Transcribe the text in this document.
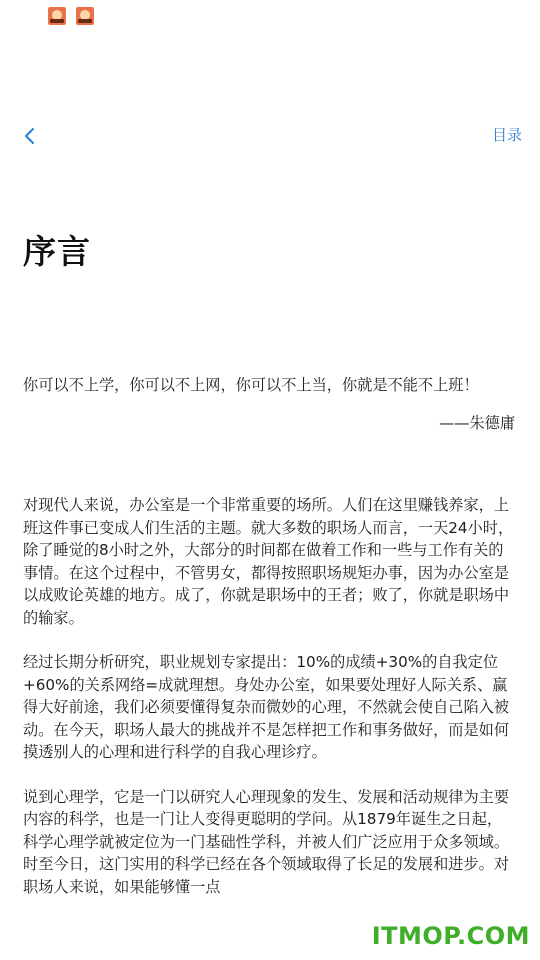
目录
序言

你可以不上学，你可以不上网，你可以不上当，你就是不能不上班！

——朱德庸

对现代人来说，办公室是一个非常重要的场所。人们在这里赚钱养家，上班这件事已变成人们生活的主题。就大多数的职场人而言，一天24小时，除了睡觉的8小时之外，大部分的时间都在做着工作和一些与工作有关的事情。在这个过程中，不管男女，都得按照职场规矩办事，因为办公室是以成败论英雄的地方。成了，你就是职场中的王者；败了，你就是职场中的输家。

经过长期分析研究，职业规划专家提出：10%的成绩+30%的自我定位+60%的关系网络=成就理想。身处办公室，如果要处理好人际关系、赢得大好前途，我们必须要懂得复杂而微妙的心理，不然就会使自己陷入被动。在今天，职场人最大的挑战并不是怎样把工作和事务做好，而是如何摸透别人的心理和进行科学的自我心理诊疗。

说到心理学，它是一门以研究人心理现象的发生、发展和活动规律为主要内容的科学，也是一门让人变得更聪明的学问。从1879年诞生之日起，科学心理学就被定位为一门基础性学科，并被人们广泛应用于众多领域。时至今日，这门实用的科学已经在各个领域取得了长足的发展和进步。对职场人来说，如果能够懂一点

ITMOP.COM
